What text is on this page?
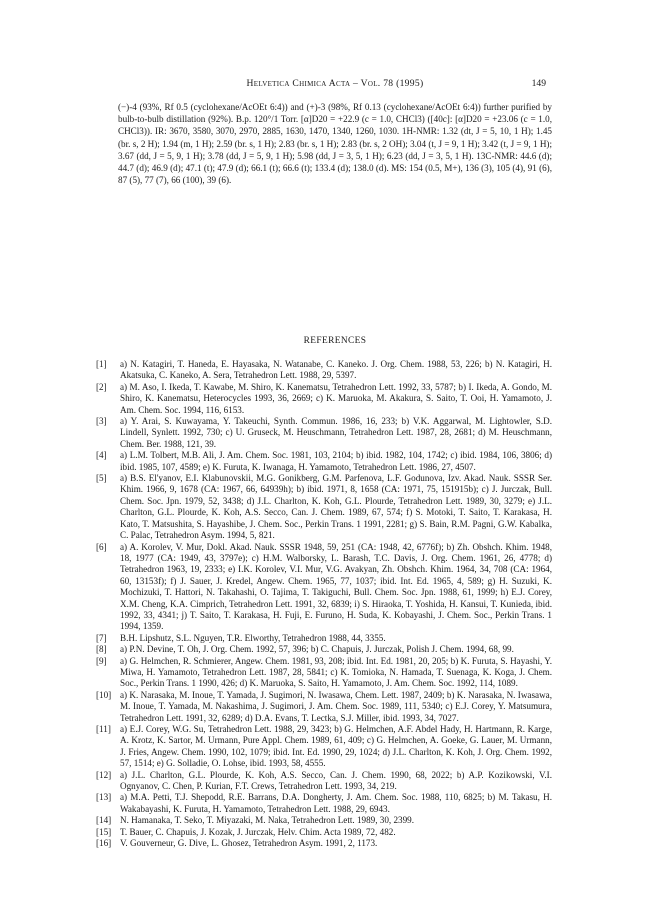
Helvetica Chimica Acta – Vol. 78 (1995)	149

(−)-4 (93%, Rf 0.5 (cyclohexane/AcOEt 6:4)) and (+)-3 (98%, Rf 0.13 (cyclohexane/AcOEt 6:4)) further purified by bulb-to-bulb distillation (92%). B.p. 120°/1 Torr. [α]D20 = +22.9 (c = 1.0, CHCl3) ([40c]: [α]D20 = +23.06 (c = 1.0, CHCl3)). IR: 3670, 3580, 3070, 2970, 2885, 1630, 1470, 1340, 1260, 1030. 1H-NMR: 1.32 (dt, J = 5, 10, 1 H); 1.45 (br. s, 2 H); 1.94 (m, 1 H); 2.59 (br. s, 1 H); 2.83 (br. s, 1 H); 2.83 (br. s, 2 OH); 3.04 (t, J = 9, 1 H); 3.42 (t, J = 9, 1 H); 3.67 (dd, J = 5, 9, 1 H); 3.78 (dd, J = 5, 9, 1 H); 5.98 (dd, J = 3, 5, 1 H); 6.23 (dd, J = 3, 5, 1 H). 13C-NMR: 44.6 (d); 44.7 (d); 46.9 (d); 47.1 (t); 47.9 (d); 66.1 (t); 66.6 (t); 133.4 (d); 138.0 (d). MS: 154 (0.5, M+), 136 (3), 105 (4), 91 (6), 87 (5), 77 (7), 66 (100), 39 (6).

REFERENCES
[1]	a) N. Katagiri, T. Haneda, E. Hayasaka, N. Watanabe, C. Kaneko. J. Org. Chem. 1988, 53, 226; b) N. Katagiri, H. Akatsuka, C. Kaneko, A. Sera, Tetrahedron Lett. 1988, 29, 5397.
[2]	a) M. Aso, I. Ikeda, T. Kawabe, M. Shiro, K. Kanematsu, Tetrahedron Lett. 1992, 33, 5787; b) I. Ikeda, A. Gondo, M. Shiro, K. Kanematsu, Heterocycles 1993, 36, 2669; c) K. Maruoka, M. Akakura, S. Saito, T. Ooi, H. Yamamoto, J. Am. Chem. Soc. 1994, 116, 6153.
[3]	a) Y. Arai, S. Kuwayama, Y. Takeuchi, Synth. Commun. 1986, 16, 233; b) V.K. Aggarwal, M. Lightowler, S.D. Lindell, Synlett. 1992, 730; c) U. Gruseck, M. Heuschmann, Tetrahedron Lett. 1987, 28, 2681; d) M. Heuschmann, Chem. Ber. 1988, 121, 39.
[4]	a) L.M. Tolbert, M.B. Ali, J. Am. Chem. Soc. 1981, 103, 2104; b) ibid. 1982, 104, 1742; c) ibid. 1984, 106, 3806; d) ibid. 1985, 107, 4589; e) K. Furuta, K. Iwanaga, H. Yamamoto, Tetrahedron Lett. 1986, 27, 4507.
[5]	a) B.S. El'yanov, E.I. Klabunovskii, M.G. Gonikberg, G.M. Parfenova, L.F. Godunova, Izv. Akad. Nauk. SSSR Ser. Khim. 1966, 9, 1678 (CA: 1967, 66, 64939h); b) ibid. 1971, 8, 1658 (CA: 1971, 75, 151915b); c) J. Jurczak, Bull. Chem. Soc. Jpn. 1979, 52, 3438; d) J.L. Charlton, K. Koh, G.L. Plourde, Tetrahedron Lett. 1989, 30, 3279; e) J.L. Charlton, G.L. Plourde, K. Koh, A.S. Secco, Can. J. Chem. 1989, 67, 574; f) S. Motoki, T. Saito, T. Karakasa, H. Kato, T. Matsushita, S. Hayashibe, J. Chem. Soc., Perkin Trans. 1 1991, 2281; g) S. Bain, R.M. Pagni, G.W. Kabalka, C. Palac, Tetrahedron Asym. 1994, 5, 821.
[6]	a) A. Korolev, V. Mur, Dokl. Akad. Nauk. SSSR 1948, 59, 251 (CA: 1948, 42, 6776f); b) Zh. Obshch. Khim. 1948, 18, 1977 (CA: 1949, 43, 3797e); c) H.M. Walborsky, L. Barash, T.C. Davis, J. Org. Chem. 1961, 26, 4778; d) Tetrahedron 1963, 19, 2333; e) I.K. Korolev, V.I. Mur, V.G. Avakyan, Zh. Obshch. Khim. 1964, 34, 708 (CA: 1964, 60, 13153f); f) J. Sauer, J. Kredel, Angew. Chem. 1965, 77, 1037; ibid. Int. Ed. 1965, 4, 589; g) H. Suzuki, K. Mochizuki, T. Hattori, N. Takahashi, O. Tajima, T. Takiguchi, Bull. Chem. Soc. Jpn. 1988, 61, 1999; h) E.J. Corey, X.M. Cheng, K.A. Cimprich, Tetrahedron Lett. 1991, 32, 6839; i) S. Hiraoka, T. Yoshida, H. Kansui, T. Kunieda, ibid. 1992, 33, 4341; j) T. Saito, T. Karakasa, H. Fuji, E. Furuno, H. Suda, K. Kobayashi, J. Chem. Soc., Perkin Trans. 1 1994, 1359.
[7]	B.H. Lipshutz, S.L. Nguyen, T.R. Elworthy, Tetrahedron 1988, 44, 3355.
[8]	a) P.N. Devine, T. Oh, J. Org. Chem. 1992, 57, 396; b) C. Chapuis, J. Jurczak, Polish J. Chem. 1994, 68, 99.
[9]	a) G. Helmchen, R. Schmierer, Angew. Chem. 1981, 93, 208; ibid. Int. Ed. 1981, 20, 205; b) K. Furuta, S. Hayashi, Y. Miwa, H. Yamamoto, Tetrahedron Lett. 1987, 28, 5841; c) K. Tomioka, N. Hamada, T. Suenaga, K. Koga, J. Chem. Soc., Perkin Trans. 1 1990, 426; d) K. Maruoka, S. Saito, H. Yamamoto, J. Am. Chem. Soc. 1992, 114, 1089.
[10] a) K. Narasaka, M. Inoue, T. Yamada, J. Sugimori, N. Iwasawa, Chem. Lett. 1987, 2409; b) K. Narasaka, N. Iwasawa, M. Inoue, T. Yamada, M. Nakashima, J. Sugimori, J. Am. Chem. Soc. 1989, 111, 5340; c) E.J. Corey, Y. Matsumura, Tetrahedron Lett. 1991, 32, 6289; d) D.A. Evans, T. Lectka, S.J. Miller, ibid. 1993, 34, 7027.
[11] a) E.J. Corey, W.G. Su, Tetrahedron Lett. 1988, 29, 3423; b) G. Helmchen, A.F. Abdel Hady, H. Hartmann, R. Karge, A. Krotz, K. Sartor, M. Urmann, Pure Appl. Chem. 1989, 61, 409; c) G. Helmchen, A. Goeke, G. Lauer, M. Urmann, J. Fries, Angew. Chem. 1990, 102, 1079; ibid. Int. Ed. 1990, 29, 1024; d) J.L. Charlton, K. Koh, J. Org. Chem. 1992, 57, 1514; e) G. Solladie, O. Lohse, ibid. 1993, 58, 4555.
[12] a) J.L. Charlton, G.L. Plourde, K. Koh, A.S. Secco, Can. J. Chem. 1990, 68, 2022; b) A.P. Kozikowski, V.I. Ognyanov, C. Chen, P. Kurian, F.T. Crews, Tetrahedron Lett. 1993, 34, 219.
[13] a) M.A. Petti, T.J. Shepodd, R.E. Barrans, D.A. Dongherty, J. Am. Chem. Soc. 1988, 110, 6825; b) M. Takasu, H. Wakabayashi, K. Furuta, H. Yamamoto, Tetrahedron Lett. 1988, 29, 6943.
[14] N. Hamanaka, T. Seko, T. Miyazaki, M. Naka, Tetrahedron Lett. 1989, 30, 2399.
[15] T. Bauer, C. Chapuis, J. Kozak, J. Jurczak, Helv. Chim. Acta 1989, 72, 482.
[16] V. Gouverneur, G. Dive, L. Ghosez, Tetrahedron Asym. 1991, 2, 1173.
